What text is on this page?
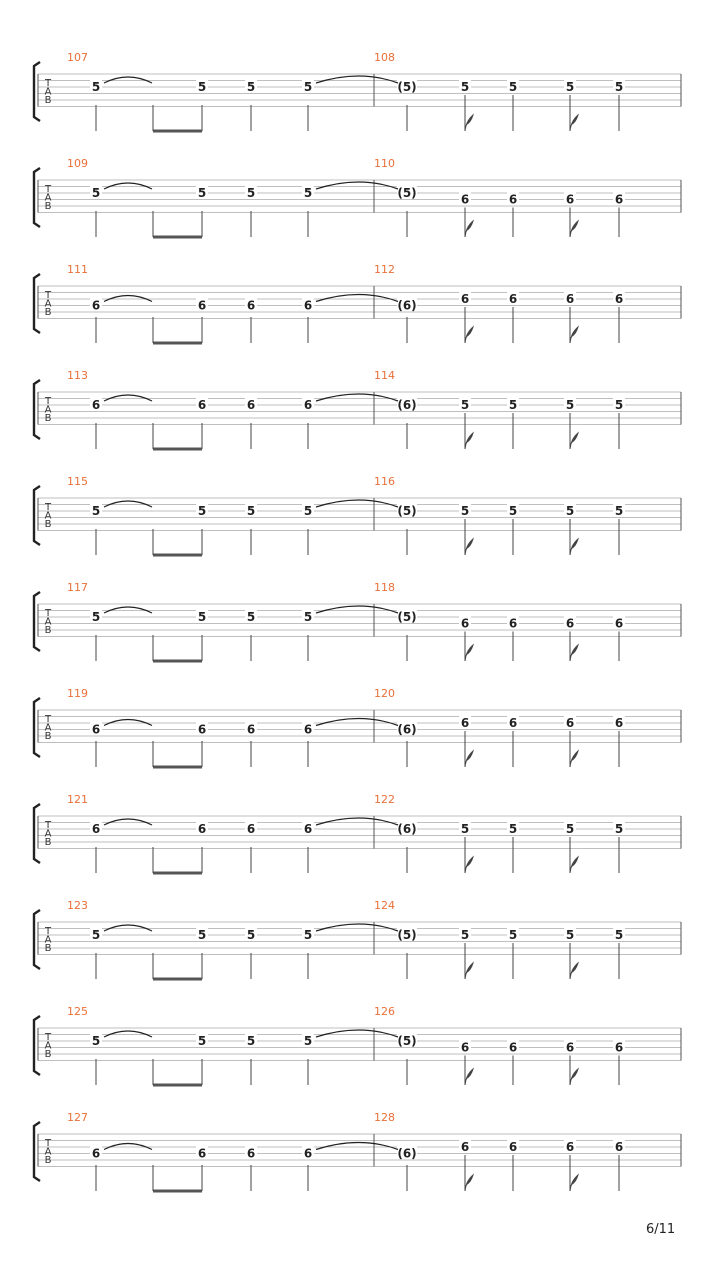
T
A
B
107	108
5	5	5	5	(5)	5	5	5	5
T
A
B
109	110
5	5	5	5	(5)	6	6	6	6
T
A
B
111	112
6	6	6	6	(6)	6	6	6	6
T
A
B
113	114
6	6	6	6	(6)	5	5	5	5
T
A
B
115	116
5	5	5	5	(5)	5	5	5	5
T
A
B
117	118
5	5	5	5	(5)	6	6	6	6
T
A
B
119	120
6	6	6	6	(6)	6	6	6	6
T
A
B
121	122
6	6	6	6	(6)	5	5	5	5
T
A
B
123	124
5	5	5	5	(5)	5	5	5	5
T
A
B
125	126
5	5	5	5	(5)	6	6	6	6
T
A
B
127	128
6	6	6	6	(6)	6	6	6	6
6/11
